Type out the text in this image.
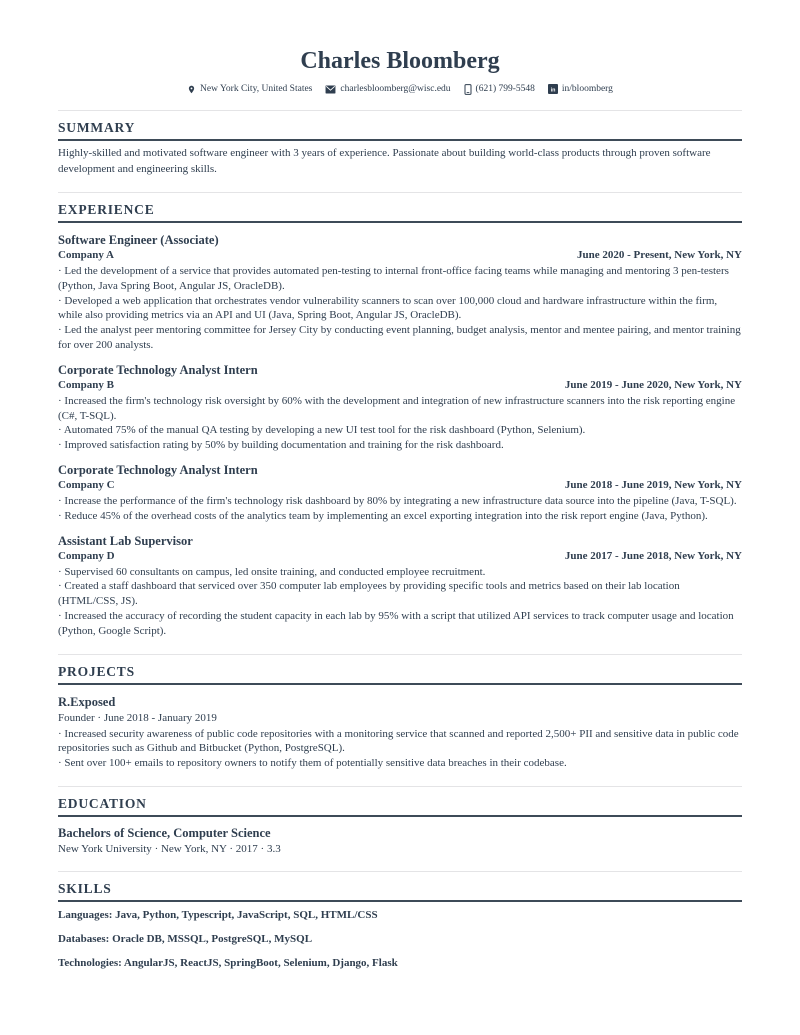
Charles Bloomberg
New York City, United States	charlesbloomberg@wisc.edu	(621) 799-5548 in in/bloomberg
SUMMARY

Highly-skilled and motivated software engineer with 3 years of experience. Passionate about building world-class products through proven software development and engineering skills.

EXPERIENCE
Software Engineer (Associate)
Company A	June 2020 - Present, New York, NY
· Led the development of a service that provides automated pen-testing to internal front-office facing teams while managing and mentoring 3 pen-testers (Python, Java Spring Boot, Angular JS, OracleDB).
· Developed a web application that orchestrates vendor vulnerability scanners to scan over 100,000 cloud and hardware infrastructure within the firm, while also providing metrics via an API and UI (Java, Spring Boot, Angular JS, OracleDB).
· Led the analyst peer mentoring committee for Jersey City by conducting event planning, budget analysis, mentor and mentee pairing, and mentor training for over 200 analysts.
Corporate Technology Analyst Intern
Company B	June 2019 - June 2020, New York, NY
· Increased the firm's technology risk oversight by 60% with the development and integration of new infrastructure scanners into the risk reporting engine (C#, T-SQL).
· Automated 75% of the manual QA testing by developing a new UI test tool for the risk dashboard (Python, Selenium).
· Improved satisfaction rating by 50% by building documentation and training for the risk dashboard.
Corporate Technology Analyst Intern
Company C	June 2018 - June 2019, New York, NY
· Increase the performance of the firm's technology risk dashboard by 80% by integrating a new infrastructure data source into the pipeline (Java, T-SQL).
· Reduce 45% of the overhead costs of the analytics team by implementing an excel exporting integration into the risk report engine (Java, Python).
Assistant Lab Supervisor
Company D	June 2017 - June 2018, New York, NY
· Supervised 60 consultants on campus, led onsite training, and conducted employee recruitment.
· Created a staff dashboard that serviced over 350 computer lab employees by providing specific tools and metrics based on their lab location (HTML/CSS, JS).
· Increased the accuracy of recording the student capacity in each lab by 95% with a script that utilized API services to track computer usage and location (Python, Google Script).
PROJECTS
R.Exposed
Founder · June 2018 - January 2019
· Increased security awareness of public code repositories with a monitoring service that scanned and reported 2,500+ PII and sensitive data in public code repositories such as Github and Bitbucket (Python, PostgreSQL).
· Sent over 100+ emails to repository owners to notify them of potentially sensitive data breaches in their codebase.
EDUCATION
Bachelors of Science, Computer Science
New York University · New York, NY · 2017 · 3.3
SKILLS
Languages: Java, Python, Typescript, JavaScript, SQL, HTML/CSS
Databases: Oracle DB, MSSQL, PostgreSQL, MySQL
Technologies: AngularJS, ReactJS, SpringBoot, Selenium, Django, Flask
